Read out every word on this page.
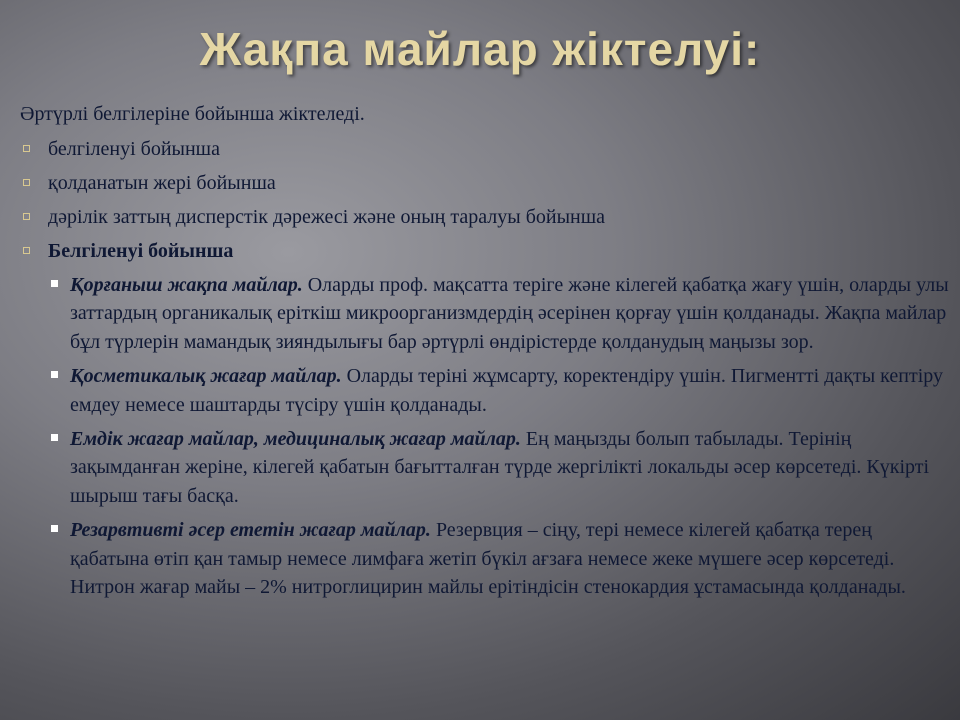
Жақпа майлар жіктелуі:
Әртүрлі белгілеріне бойынша жіктеледі.
белгіленуі бойынша
қолданатын жері бойынша
дәрілік заттың дисперстік дәрежесі және оның таралуы бойынша
Белгіленуі бойынша
Қорғаныш жақпа майлар. Оларды проф. мақсатта теріге және кілегей қабатқа жағу үшін, оларды улы заттардың органикалық еріткіш микроорганизмдердің әсерінен қорғау үшін қолданады. Жақпа майлар бұл түрлерін мамандық зияндылығы бар әртүрлі өндірістерде қолданудың маңызы зор.
Қосметикалық жағар майлар. Оларды теріні жұмсарту, коректендіру үшін. Пигментті дақты кептіру емдеу немесе шаштарды түсіру үшін қолданады.
Емдік жағар майлар, медициналық жағар майлар. Ең маңызды болып табылады. Терінің зақымданған жеріне, кілегей қабатын бағытталған түрде жергілікті локальды әсер көрсетеді. Күкірті шырыш тағы басқа.
Резарвтивті әсер ететін жағар майлар. Резервция – сіңу, тері немесе кілегей қабатқа терең қабатына өтіп қан тамыр немесе лимфаға жетіп бүкіл ағзаға немесе жеке мүшеге әсер көрсетеді. Нитрон жағар майы – 2% нитроглицирин майлы ерітіндісін стенокардия ұстамасында қолданады.
